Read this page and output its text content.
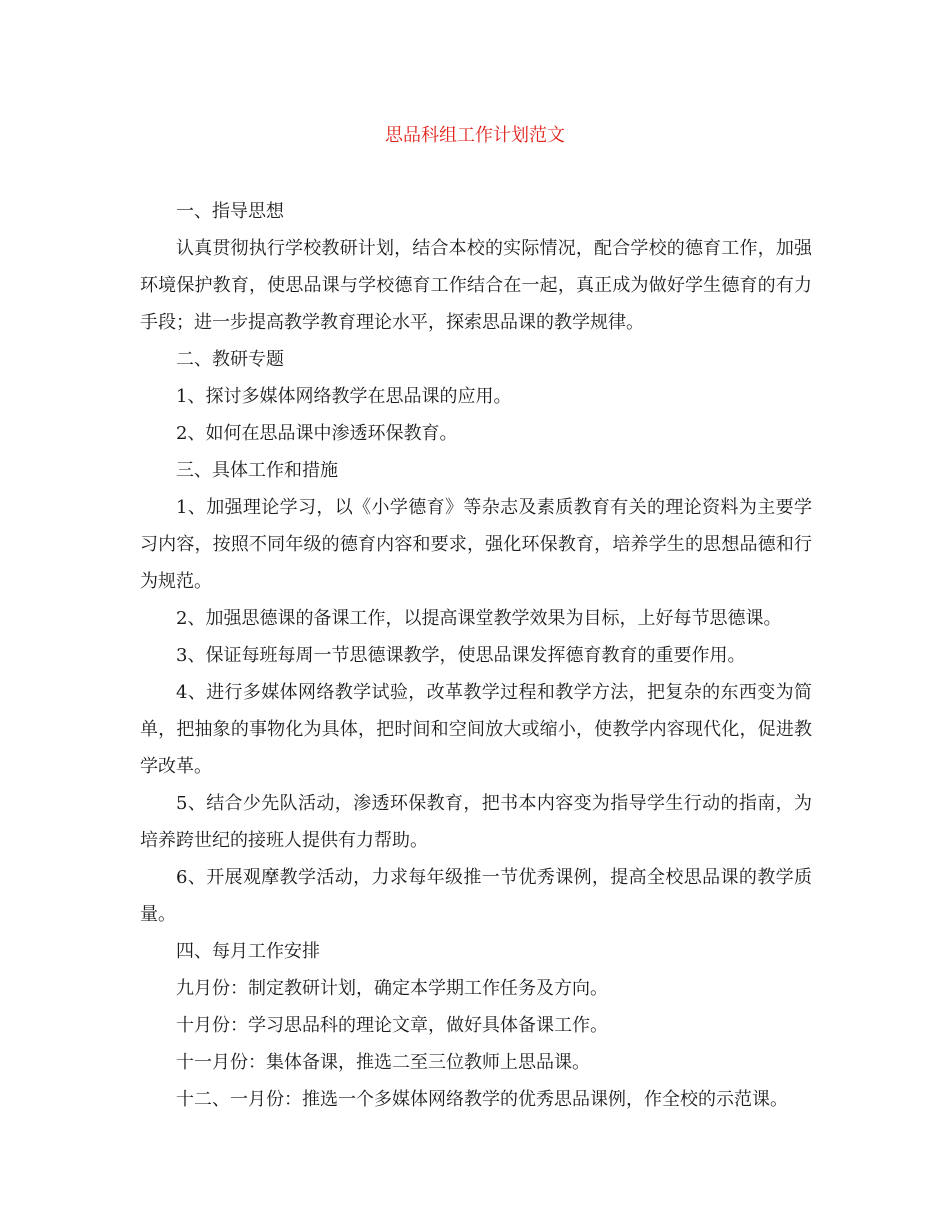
思品科组工作计划范文

一、指导思想

认真贯彻执行学校教研计划，结合本校的实际情况，配合学校的德育工作，加强环境保护教育，使思品课与学校德育工作结合在一起，真正成为做好学生德育的有力手段；进一步提高教学教育理论水平，探索思品课的教学规律。

二、教研专题

1、探讨多媒体网络教学在思品课的应用。

2、如何在思品课中渗透环保教育。

三、具体工作和措施

1、加强理论学习，以《小学德育》等杂志及素质教育有关的理论资料为主要学习内容，按照不同年级的德育内容和要求，强化环保教育，培养学生的思想品德和行为规范。

2、加强思德课的备课工作，以提高课堂教学效果为目标，上好每节思德课。

3、保证每班每周一节思德课教学，使思品课发挥德育教育的重要作用。

4、进行多媒体网络教学试验，改革教学过程和教学方法，把复杂的东西变为简单，把抽象的事物化为具体，把时间和空间放大或缩小，使教学内容现代化，促进教学改革。

5、结合少先队活动，渗透环保教育，把书本内容变为指导学生行动的指南，为培养跨世纪的接班人提供有力帮助。

6、开展观摩教学活动，力求每年级推一节优秀课例，提高全校思品课的教学质量。

四、每月工作安排

九月份：制定教研计划，确定本学期工作任务及方向。

十月份：学习思品科的理论文章，做好具体备课工作。

十一月份：集体备课，推选二至三位教师上思品课。

十二、一月份：推选一个多媒体网络教学的优秀思品课例，作全校的示范课。
